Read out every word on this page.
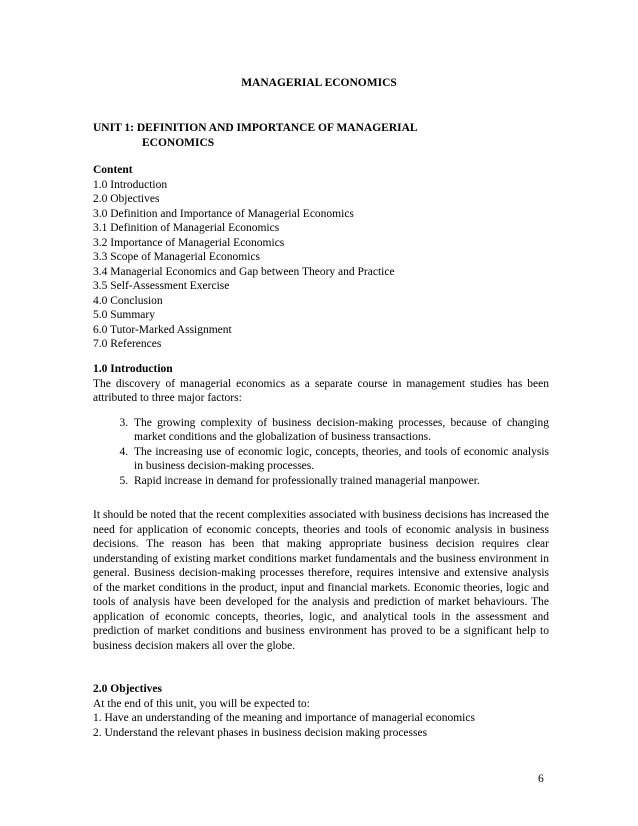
MANAGERIAL ECONOMICS
UNIT 1: DEFINITION AND IMPORTANCE OF MANAGERIAL
ECONOMICS
Content
1.0 Introduction
2.0 Objectives
3.0 Definition and Importance of Managerial Economics
3.1 Definition of Managerial Economics
3.2 Importance of Managerial Economics
3.3 Scope of Managerial Economics
3.4 Managerial Economics and Gap between Theory and Practice
3.5 Self-Assessment Exercise
4.0 Conclusion
5.0 Summary
6.0 Tutor-Marked Assignment
7.0 References
1.0 Introduction
The discovery of managerial economics as a separate course in management studies has been attributed to three major factors:
3. The growing complexity of business decision-making processes, because of changing market conditions and the globalization of business transactions.
4. The increasing use of economic logic, concepts, theories, and tools of economic analysis in business decision-making processes.
5. Rapid increase in demand for professionally trained managerial manpower.
It should be noted that the recent complexities associated with business decisions has increased the need for application of economic concepts, theories and tools of economic analysis in business decisions. The reason has been that making appropriate business decision requires clear understanding of existing market conditions market fundamentals and the business environment in general. Business decision-making processes therefore, requires intensive and extensive analysis of the market conditions in the product, input and financial markets. Economic theories, logic and tools of analysis have been developed for the analysis and prediction of market behaviours. The application of economic concepts, theories, logic, and analytical tools in the assessment and prediction of market conditions and business environment has proved to be a significant help to business decision makers all over the globe.
2.0 Objectives
At the end of this unit, you will be expected to:
1. Have an understanding of the meaning and importance of managerial economics
2. Understand the relevant phases in business decision making processes
6
